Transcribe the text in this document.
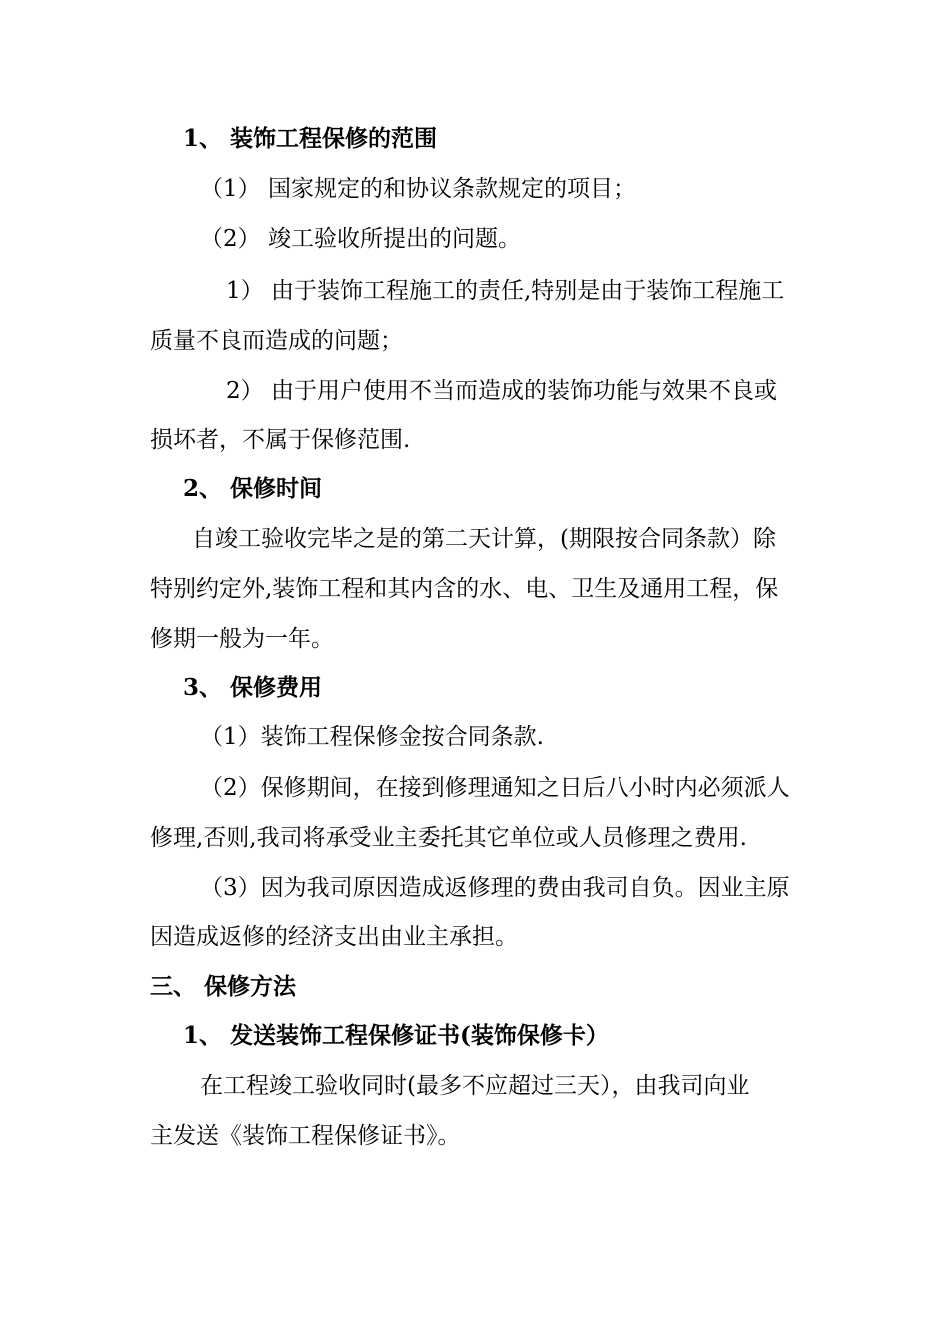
1、 装饰工程保修的范围
（1） 国家规定的和协议条款规定的项目；
（2） 竣工验收所提出的问题。
1） 由于装饰工程施工的责任,特别是由于装饰工程施工
质量不良而造成的问题；
2） 由于用户使用不当而造成的装饰功能与效果不良或
损坏者，不属于保修范围.
2、 保修时间
自竣工验收完毕之是的第二天计算，(期限按合同条款）除
特别约定外,装饰工程和其内含的水、电、卫生及通用工程，保
修期一般为一年。
3、 保修费用
（1）装饰工程保修金按合同条款.
（2）保修期间，在接到修理通知之日后八小时内必须派人
修理,否则,我司将承受业主委托其它单位或人员修理之费用.
（3）因为我司原因造成返修理的费由我司自负。因业主原
因造成返修的经济支出由业主承担。
三、 保修方法
1、 发送装饰工程保修证书(装饰保修卡）
在工程竣工验收同时(最多不应超过三天），由我司向业
主发送《装饰工程保修证书》。
